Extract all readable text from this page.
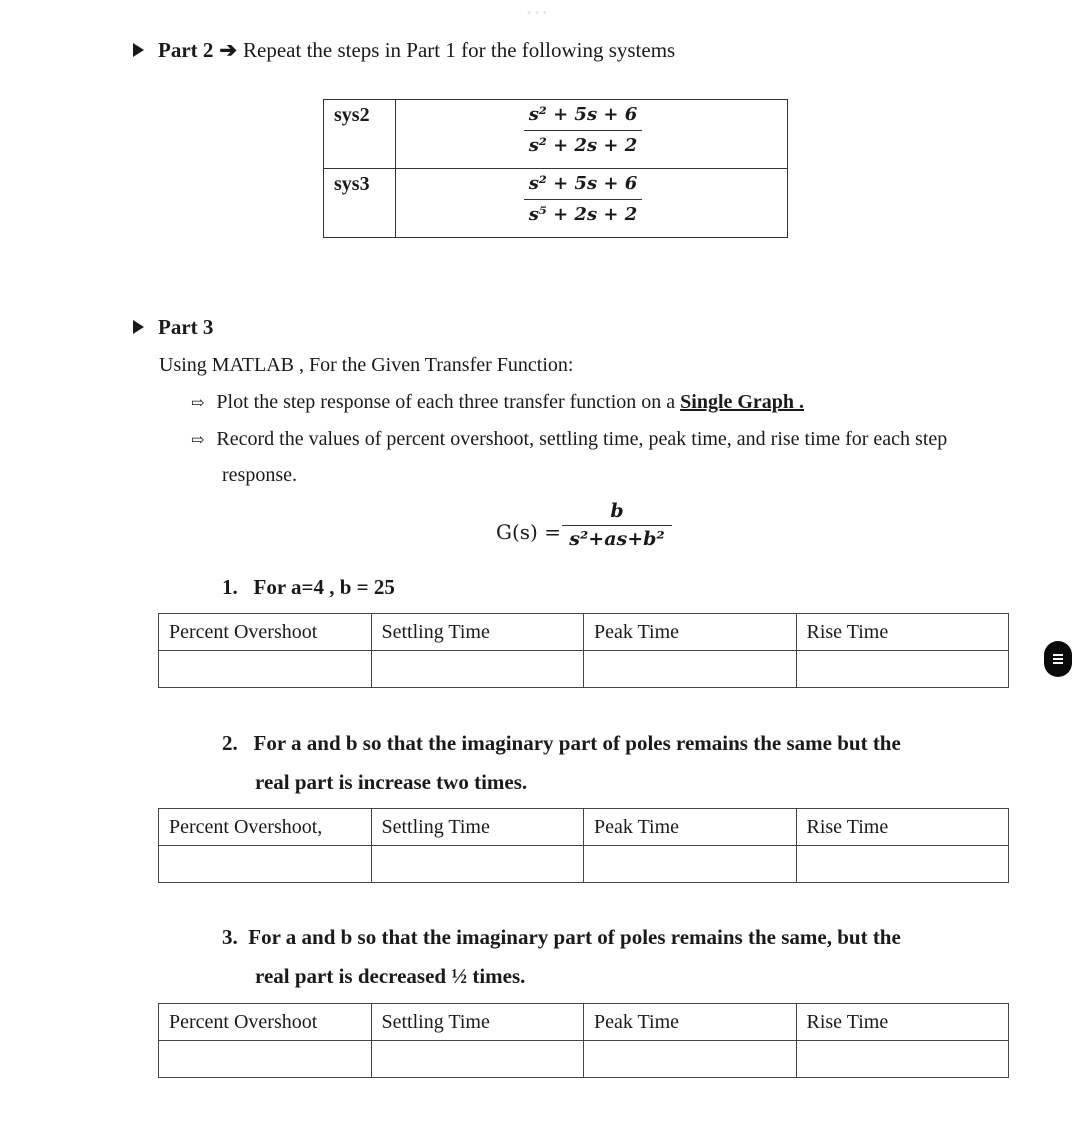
•••
Part 2 ➔ Repeat the steps in Part 1 for the following systems
sys2	s² + 5s + 6
s² + 2s + 2

sys3	s² + 5s + 6
s⁵ + 2s + 2
Part 3
Using MATLAB , For the Given Transfer Function:
⇨ Plot the step response of each three transfer function on a Single Graph .
⇨ Record the values of percent overshoot, settling time, peak time, and rise time for each step
response.
G(s) =
b
s²+as+b²
1. For a=4 , b = 25
Percent Overshoot	Settling Time	Peak Time	Rise Time

2. For a and b so that the imaginary part of poles remains the same but the
real part is increase two times.
Percent Overshoot,	Settling Time	Peak Time	Rise Time

3. For a and b so that the imaginary part of poles remains the same, but the
real part is decreased ½ times.
Percent Overshoot	Settling Time	Peak Time	Rise Time
